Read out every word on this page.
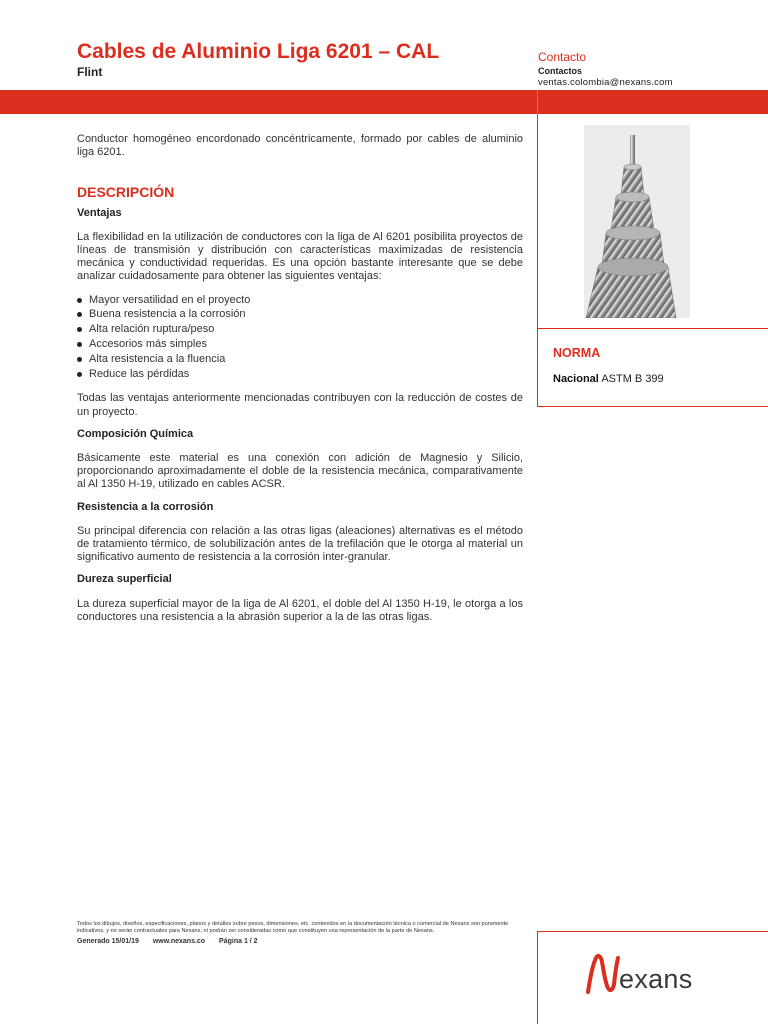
Cables de Aluminio Liga 6201 – CAL
Flint
Contacto
Contactos
ventas.colombia@nexans.com
NORMA
Nacional ASTM B 399

Conductor homogéneo encordonado concéntricamente, formado por cables de aluminio liga 6201.

DESCRIPCIÓN
Ventajas

La flexibilidad en la utilización de conductores con la liga de Al 6201 posibilita proyectos de líneas de transmisión y distribución con características maximizadas de resistencia mecánica y conductividad requeridas. Es una opción bastante interesante que se debe analizar cuidadosamente para obtener las siguientes ventajas:

Mayor versatilidad en el proyecto
Buena resistencia a la corrosión
Alta relación ruptura/peso
Accesorios más simples
Alta resistencia a la fluencia
Reduce las pérdidas

Todas las ventajas anteriormente mencionadas contribuyen con la reducción de costes de un proyecto.

Composición Química

Básicamente este material es una conexión con adición de Magnesio y Silicio, proporcionando aproximadamente el doble de la resistencia mecánica, comparativamente al Al 1350 H-19, utilizado en cables ACSR.

Resistencia a la corrosión

Su principal diferencia con relación a las otras ligas (aleaciones) alternativas es el método de tratamiento térmico, de solubilización antes de la trefilación que le otorga al material un significativo aumento de resistencia a la corrosión inter-granular.

Dureza superficial

La dureza superficial mayor de la liga de Al 6201, el doble del Al 1350 H-19, le otorga a los conductores una resistencia a la abrasión superior a la de las otras ligas.

Todos los dibujos, diseños, especificaciones, planos y detalles sobre pesos, dimensiones, etc. contenidos en la documentación técnica o comercial de Nexans son puramente indicativos, y no serán contractuales para Nexans, ni podrán ser consideradas como que constituyen una representación de la parte de Nexans.
Generado 15/01/19 www.nexans.co Página 1 / 2
exans
